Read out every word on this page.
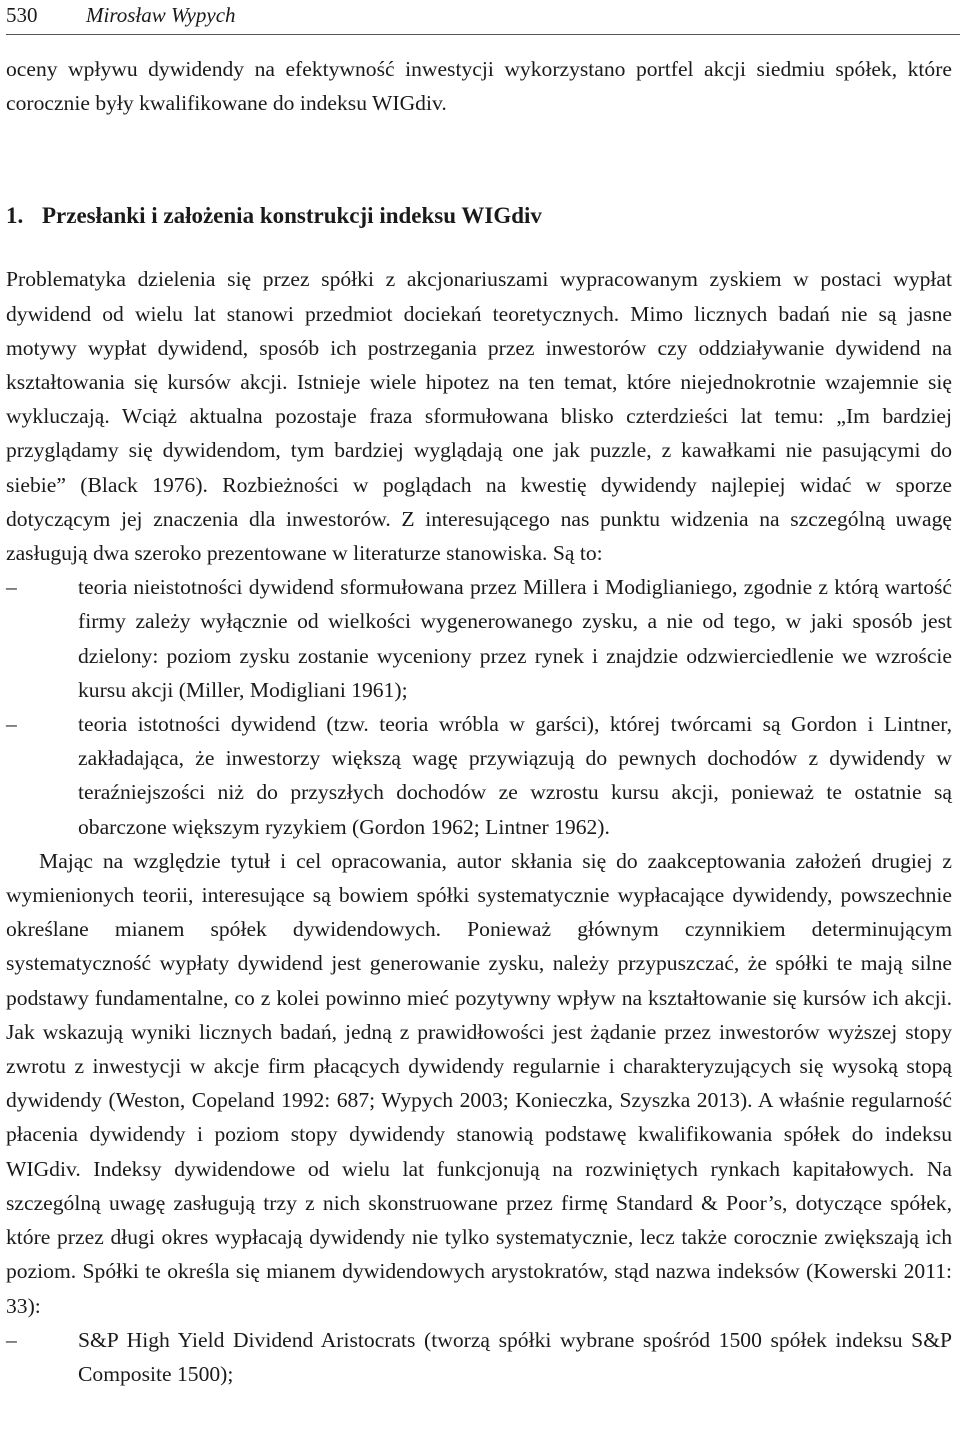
530 Mirosław Wypych

oceny wpływu dywidendy na efektywność inwestycji wykorzystano portfel akcji siedmiu spółek, które corocznie były kwalifikowane do indeksu WIGdiv.

1. Przesłanki i założenia konstrukcji indeksu WIGdiv

Problematyka dzielenia się przez spółki z akcjonariuszami wypracowanym zyskiem w postaci wypłat dywidend od wielu lat stanowi przedmiot dociekań teoretycznych. Mimo licznych badań nie są jasne motywy wypłat dywidend, sposób ich postrzegania przez inwestorów czy oddziaływanie dywidend na kształtowania się kursów akcji. Istnieje wiele hipotez na ten temat, które niejednokrotnie wzajemnie się wykluczają. Wciąż aktualna pozostaje fraza sformułowana blisko czterdzieści lat temu: „Im bardziej przyglądamy się dywidendom, tym bardziej wyglądają one jak puzzle, z kawałkami nie pasującymi do siebie” (Black 1976). Rozbieżności w poglądach na kwestię dywidendy najlepiej widać w sporze dotyczącym jej znaczenia dla inwestorów. Z interesującego nas punktu widzenia na szczególną uwagę zasługują dwa szeroko prezentowane w literaturze stanowiska. Są to:

–	teoria nieistotności dywidend sformułowana przez Millera i Modiglianiego, zgodnie z którą wartość firmy zależy wyłącznie od wielkości wygenerowanego zysku, a nie od tego, w jaki sposób jest dzielony: poziom zysku zostanie wyceniony przez rynek i znajdzie odzwierciedlenie we wzroście kursu akcji (Miller, Modigliani 1961);
–	teoria istotności dywidend (tzw. teoria wróbla w garści), której twórcami są Gordon i Lintner, zakładająca, że inwestorzy większą wagę przywiązują do pewnych dochodów z dywidendy w teraźniejszości niż do przyszłych dochodów ze wzrostu kursu akcji, ponieważ te ostatnie są obarczone większym ryzykiem (Gordon 1962; Lintner 1962).

Mając na względzie tytuł i cel opracowania, autor skłania się do zaakceptowania założeń drugiej z wymienionych teorii, interesujące są bowiem spółki systematycznie wypłacające dywidendy, powszechnie określane mianem spółek dywidendowych. Ponieważ głównym czynnikiem determinującym systematyczność wypłaty dywidend jest generowanie zysku, należy przypuszczać, że spółki te mają silne podstawy fundamentalne, co z kolei powinno mieć pozytywny wpływ na kształtowanie się kursów ich akcji. Jak wskazują wyniki licznych badań, jedną z prawidłowości jest żądanie przez inwestorów wyższej stopy zwrotu z inwestycji w akcje firm płacących dywidendy regularnie i charakteryzujących się wysoką stopą dywidendy (Weston, Copeland 1992: 687; Wypych 2003; Konieczka, Szyszka 2013). A właśnie regularność płacenia dywidendy i poziom stopy dywidendy stanowią podstawę kwalifikowania spółek do indeksu WIGdiv. Indeksy dywidendowe od wielu lat funkcjonują na rozwiniętych rynkach kapitałowych. Na szczególną uwagę zasługują trzy z nich skonstruowane przez firmę Standard & Poor’s, dotyczące spółek, które przez długi okres wypłacają dywidendy nie tylko systematycznie, lecz także corocznie zwiększają ich poziom. Spółki te określa się mianem dywidendowych arystokratów, stąd nazwa indeksów (Kowerski 2011: 33):

–	S&P High Yield Dividend Aristocrats (tworzą spółki wybrane spośród 1500 spółek indeksu S&P Composite 1500);
